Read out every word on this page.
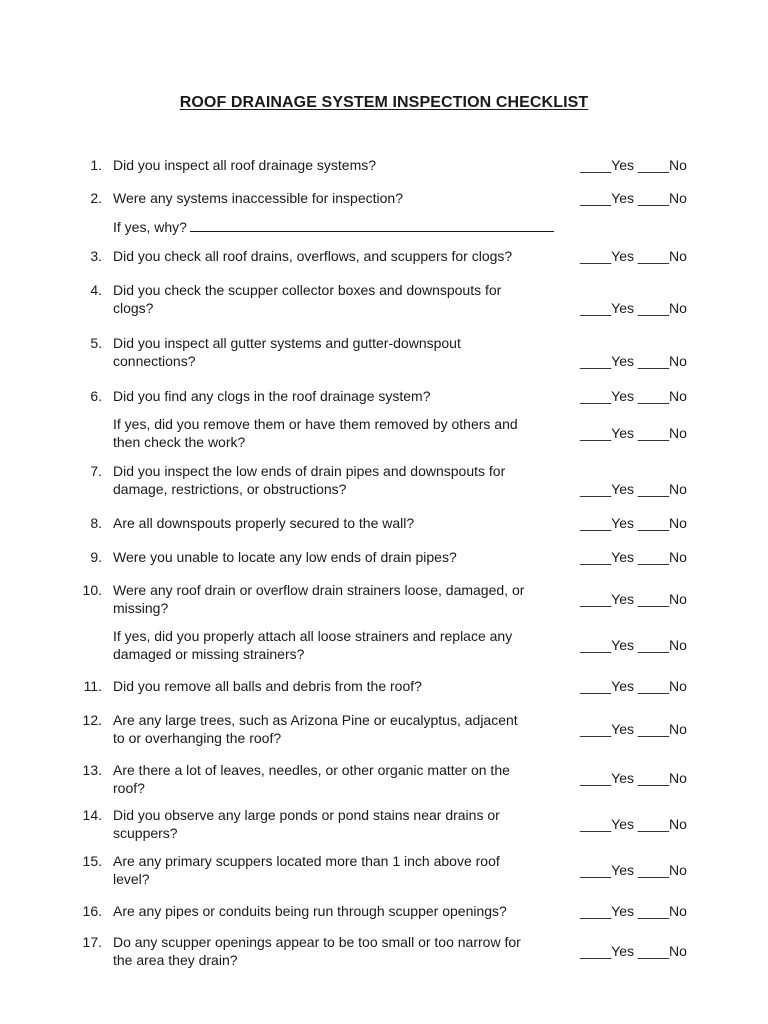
ROOF DRAINAGE SYSTEM INSPECTION CHECKLIST
1. Did you inspect all roof drainage systems?	____Yes ____No
2. Were any systems inaccessible for inspection?	____Yes ____No
If yes, why?
3. Did you check all roof drains, overflows, and scuppers for clogs?	____Yes ____No
4. Did you check the scupper collector boxes and downspouts for
clogs?	____Yes ____No
5. Did you inspect all gutter systems and gutter-downspout
connections?	____Yes ____No
6. Did you find any clogs in the roof drainage system?	____Yes ____No
If yes, did you remove them or have them removed by others and
then check the work?
____Yes ____No
7. Did you inspect the low ends of drain pipes and downspouts for
damage, restrictions, or obstructions?	____Yes ____No
8. Are all downspouts properly secured to the wall?	____Yes ____No
9. Were you unable to locate any low ends of drain pipes?	____Yes ____No
10. Were any roof drain or overflow drain strainers loose, damaged, or
missing?
____Yes ____No
If yes, did you properly attach all loose strainers and replace any
damaged or missing strainers?
____Yes ____No
11. Did you remove all balls and debris from the roof?	____Yes ____No
12. Are any large trees, such as Arizona Pine or eucalyptus, adjacent
to or overhanging the roof?
____Yes ____No
13. Are there a lot of leaves, needles, or other organic matter on the
roof?
____Yes ____No
14. Did you observe any large ponds or pond stains near drains or
scuppers?
____Yes ____No
15. Are any primary scuppers located more than 1 inch above roof
level?
____Yes ____No
16. Are any pipes or conduits being run through scupper openings?	____Yes ____No
17. Do any scupper openings appear to be too small or too narrow for
the area they drain?
____Yes ____No
